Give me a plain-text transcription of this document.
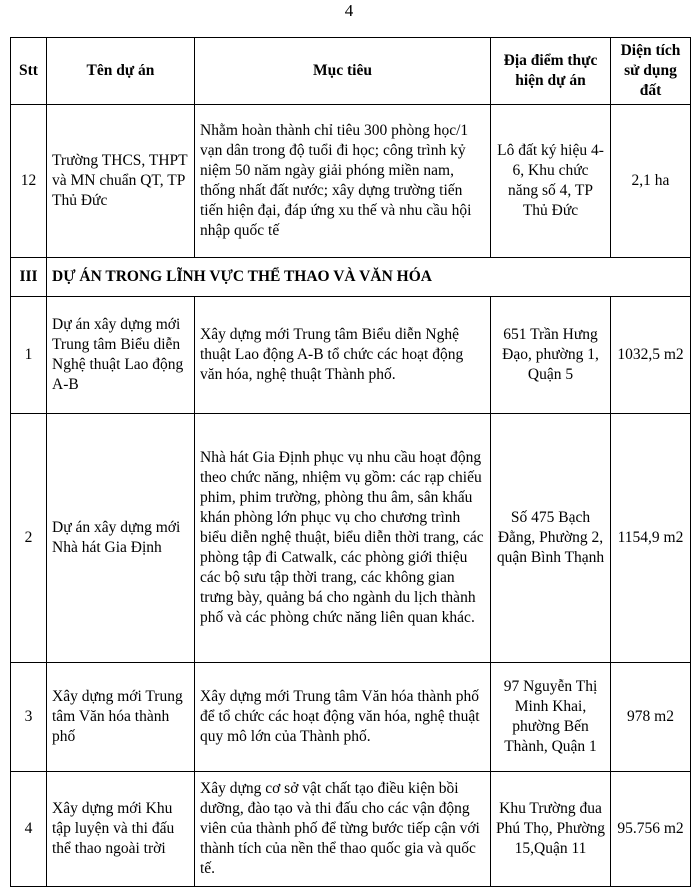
4
Stt	Tên dự án	Mục tiêu	Địa điểm thực hiện dự án	Diện tích sử dụng đất
12	Trường THCS, THPT và MN chuẩn QT, TP Thủ Đức	Nhằm hoàn thành chỉ tiêu 300 phòng học/1 vạn dân trong độ tuổi đi học; công trình kỷ niệm 50 năm ngày giải phóng miền nam, thống nhất đất nước; xây dựng trường tiến tiến hiện đại, đáp ứng xu thế và nhu cầu hội nhập quốc tế	Lô đất ký hiệu 4-6, Khu chức năng số 4, TP Thủ Đức	2,1 ha
III	DỰ ÁN TRONG LĨNH VỰC THỂ THAO VÀ VĂN HÓA			
1	Dự án xây dựng mới Trung tâm Biểu diễn Nghệ thuật Lao động A-B	Xây dựng mới Trung tâm Biểu diễn Nghệ thuật Lao động A-B tổ chức các hoạt động văn hóa, nghệ thuật Thành phố.	651 Trần Hưng Đạo, phường 1, Quận 5	1032,5 m2
2	Dự án xây dựng mới Nhà hát Gia Định	Nhà hát Gia Định phục vụ nhu cầu hoạt động theo chức năng, nhiệm vụ gồm: các rạp chiếu phim, phim trường, phòng thu âm, sân khấu khán phòng lớn phục vụ cho chương trình biểu diễn nghệ thuật, biểu diễn thời trang, các phòng tập đi Catwalk, các phòng giới thiệu các bộ sưu tập thời trang, các không gian trưng bày, quảng bá cho ngành du lịch thành phố và các phòng chức năng liên quan khác.	Số 475 Bạch Đằng, Phường 2, quận Bình Thạnh	1154,9 m2
3	Xây dựng mới Trung tâm Văn hóa thành phố	Xây dựng mới Trung tâm Văn hóa thành phố để tổ chức các hoạt động văn hóa, nghệ thuật quy mô lớn của Thành phố.	97 Nguyễn Thị Minh Khai, phường Bến Thành, Quận 1	978 m2
4	Xây dựng mới Khu tập luyện và thi đấu thể thao ngoài trời	Xây dựng cơ sở vật chất tạo điều kiện bồi dưỡng, đào tạo và thi đấu cho các vận động viên của thành phố để từng bước tiếp cận với thành tích của nền thể thao quốc gia và quốc tế.	Khu Trường đua Phú Thọ, Phường 15,Quận 11	95.756 m2
